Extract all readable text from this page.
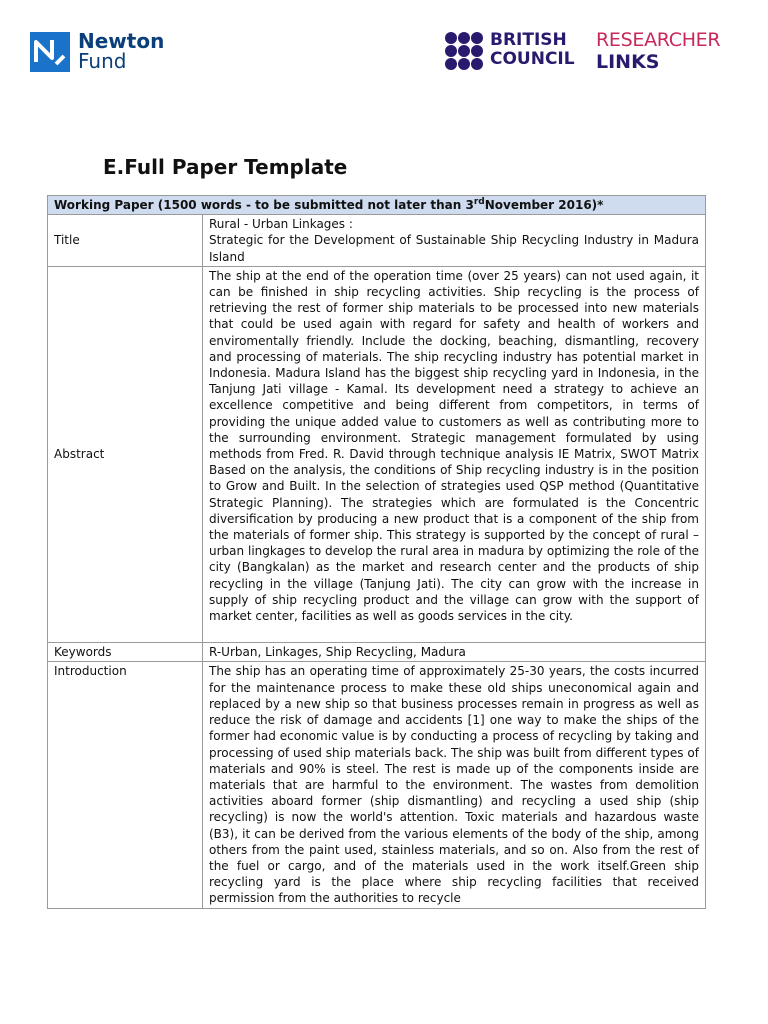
Newton
Fund
BRITISH
COUNCIL
RESEARCHER
LINKS
E.Full Paper Template
Working Paper (1500 words - to be submitted not later than 3rdNovember 2016)*	
Title	Rural - Urban Linkages :
Strategic for the Development of Sustainable Ship Recycling Industry in Madura Island

Abstract	The ship at the end of the operation time (over 25 years) can not used again, it can be finished in ship recycling activities. Ship recycling is the process of retrieving the rest of former ship materials to be processed into new materials that could be used again with regard for safety and health of workers and enviromentally friendly. Include the docking, beaching, dismantling, recovery and processing of materials. The ship recycling industry has potential market in Indonesia. Madura Island has the biggest ship recycling yard in Indonesia, in the Tanjung Jati village - Kamal. Its development need a strategy to achieve an excellence competitive and being different from competitors, in terms of providing the unique added value to customers as well as contributing more to the surrounding environment. Strategic management formulated by using methods from Fred. R. David through technique analysis IE Matrix, SWOT Matrix Based on the analysis, the conditions of Ship recycling industry is in the position to Grow and Built. In the selection of strategies used QSP method (Quantitative Strategic Planning). The strategies which are formulated is the Concentric diversification by producing a new product that is a component of the ship from the materials of former ship. This strategy is supported by the concept of rural – urban lingkages to develop the rural area in madura by optimizing the role of the city (Bangkalan) as the market and research center and the products of ship recycling in the village (Tanjung Jati). The city can grow with the increase in supply of ship recycling product and the village can grow with the support of market center, facilities as well as goods services in the city.
Keywords	R-Urban, Linkages, Ship Recycling, Madura
Introduction	The ship has an operating time of approximately 25-30 years, the costs incurred for the maintenance process to make these old ships uneconomical again and replaced by a new ship so that business processes remain in progress as well as reduce the risk of damage and accidents [1] one way to make the ships of the former had economic value is by conducting a process of recycling by taking and processing of used ship materials back. The ship was built from different types of materials and 90% is steel. The rest is made up of the components inside are materials that are harmful to the environment. The wastes from demolition activities aboard former (ship dismantling) and recycling a used ship (ship recycling) is now the world's attention. Toxic materials and hazardous waste (B3), it can be derived from the various elements of the body of the ship, among others from the paint used, stainless materials, and so on. Also from the rest of the fuel or cargo, and of the materials used in the work itself.Green ship recycling yard is the place where ship recycling facilities that received permission from the authorities to recycle
